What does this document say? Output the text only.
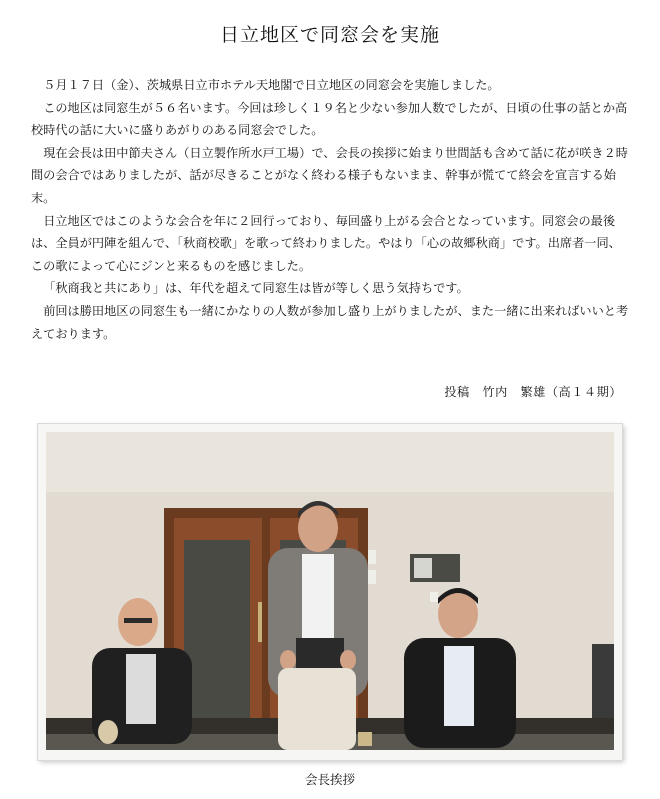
日立地区で同窓会を実施

５月１７日（金）、茨城県日立市ホテル天地閣で日立地区の同窓会を実施しました。

この地区は同窓生が５６名います。今回は珍しく１９名と少ない参加人数でしたが、日頃の仕事の話とか高校時代の話に大いに盛りあがりのある同窓会でした。

現在会長は田中節夫さん（日立製作所水戸工場）で、会長の挨拶に始まり世間話も含めて話に花が咲き２時間の会合ではありましたが、話が尽きることがなく終わる様子もないまま、幹事が慌てて終会を宣言する始末。

日立地区ではこのような会合を年に２回行っており、毎回盛り上がる会合となっています。同窓会の最後は、全員が円陣を組んで、「秋商校歌」を歌って終わりました。やはり「心の故郷秋商」です。出席者一同、この歌によって心にジンと来るものを感じました。

「秋商我と共にあり」は、年代を超えて同窓生は皆が等しく思う気持ちです。

前回は勝田地区の同窓生も一緒にかなりの人数が参加し盛り上がりましたが、また一緒に出来ればいいと考えております。

投稿　竹内　繁雄（高１４期）
会長挨拶
